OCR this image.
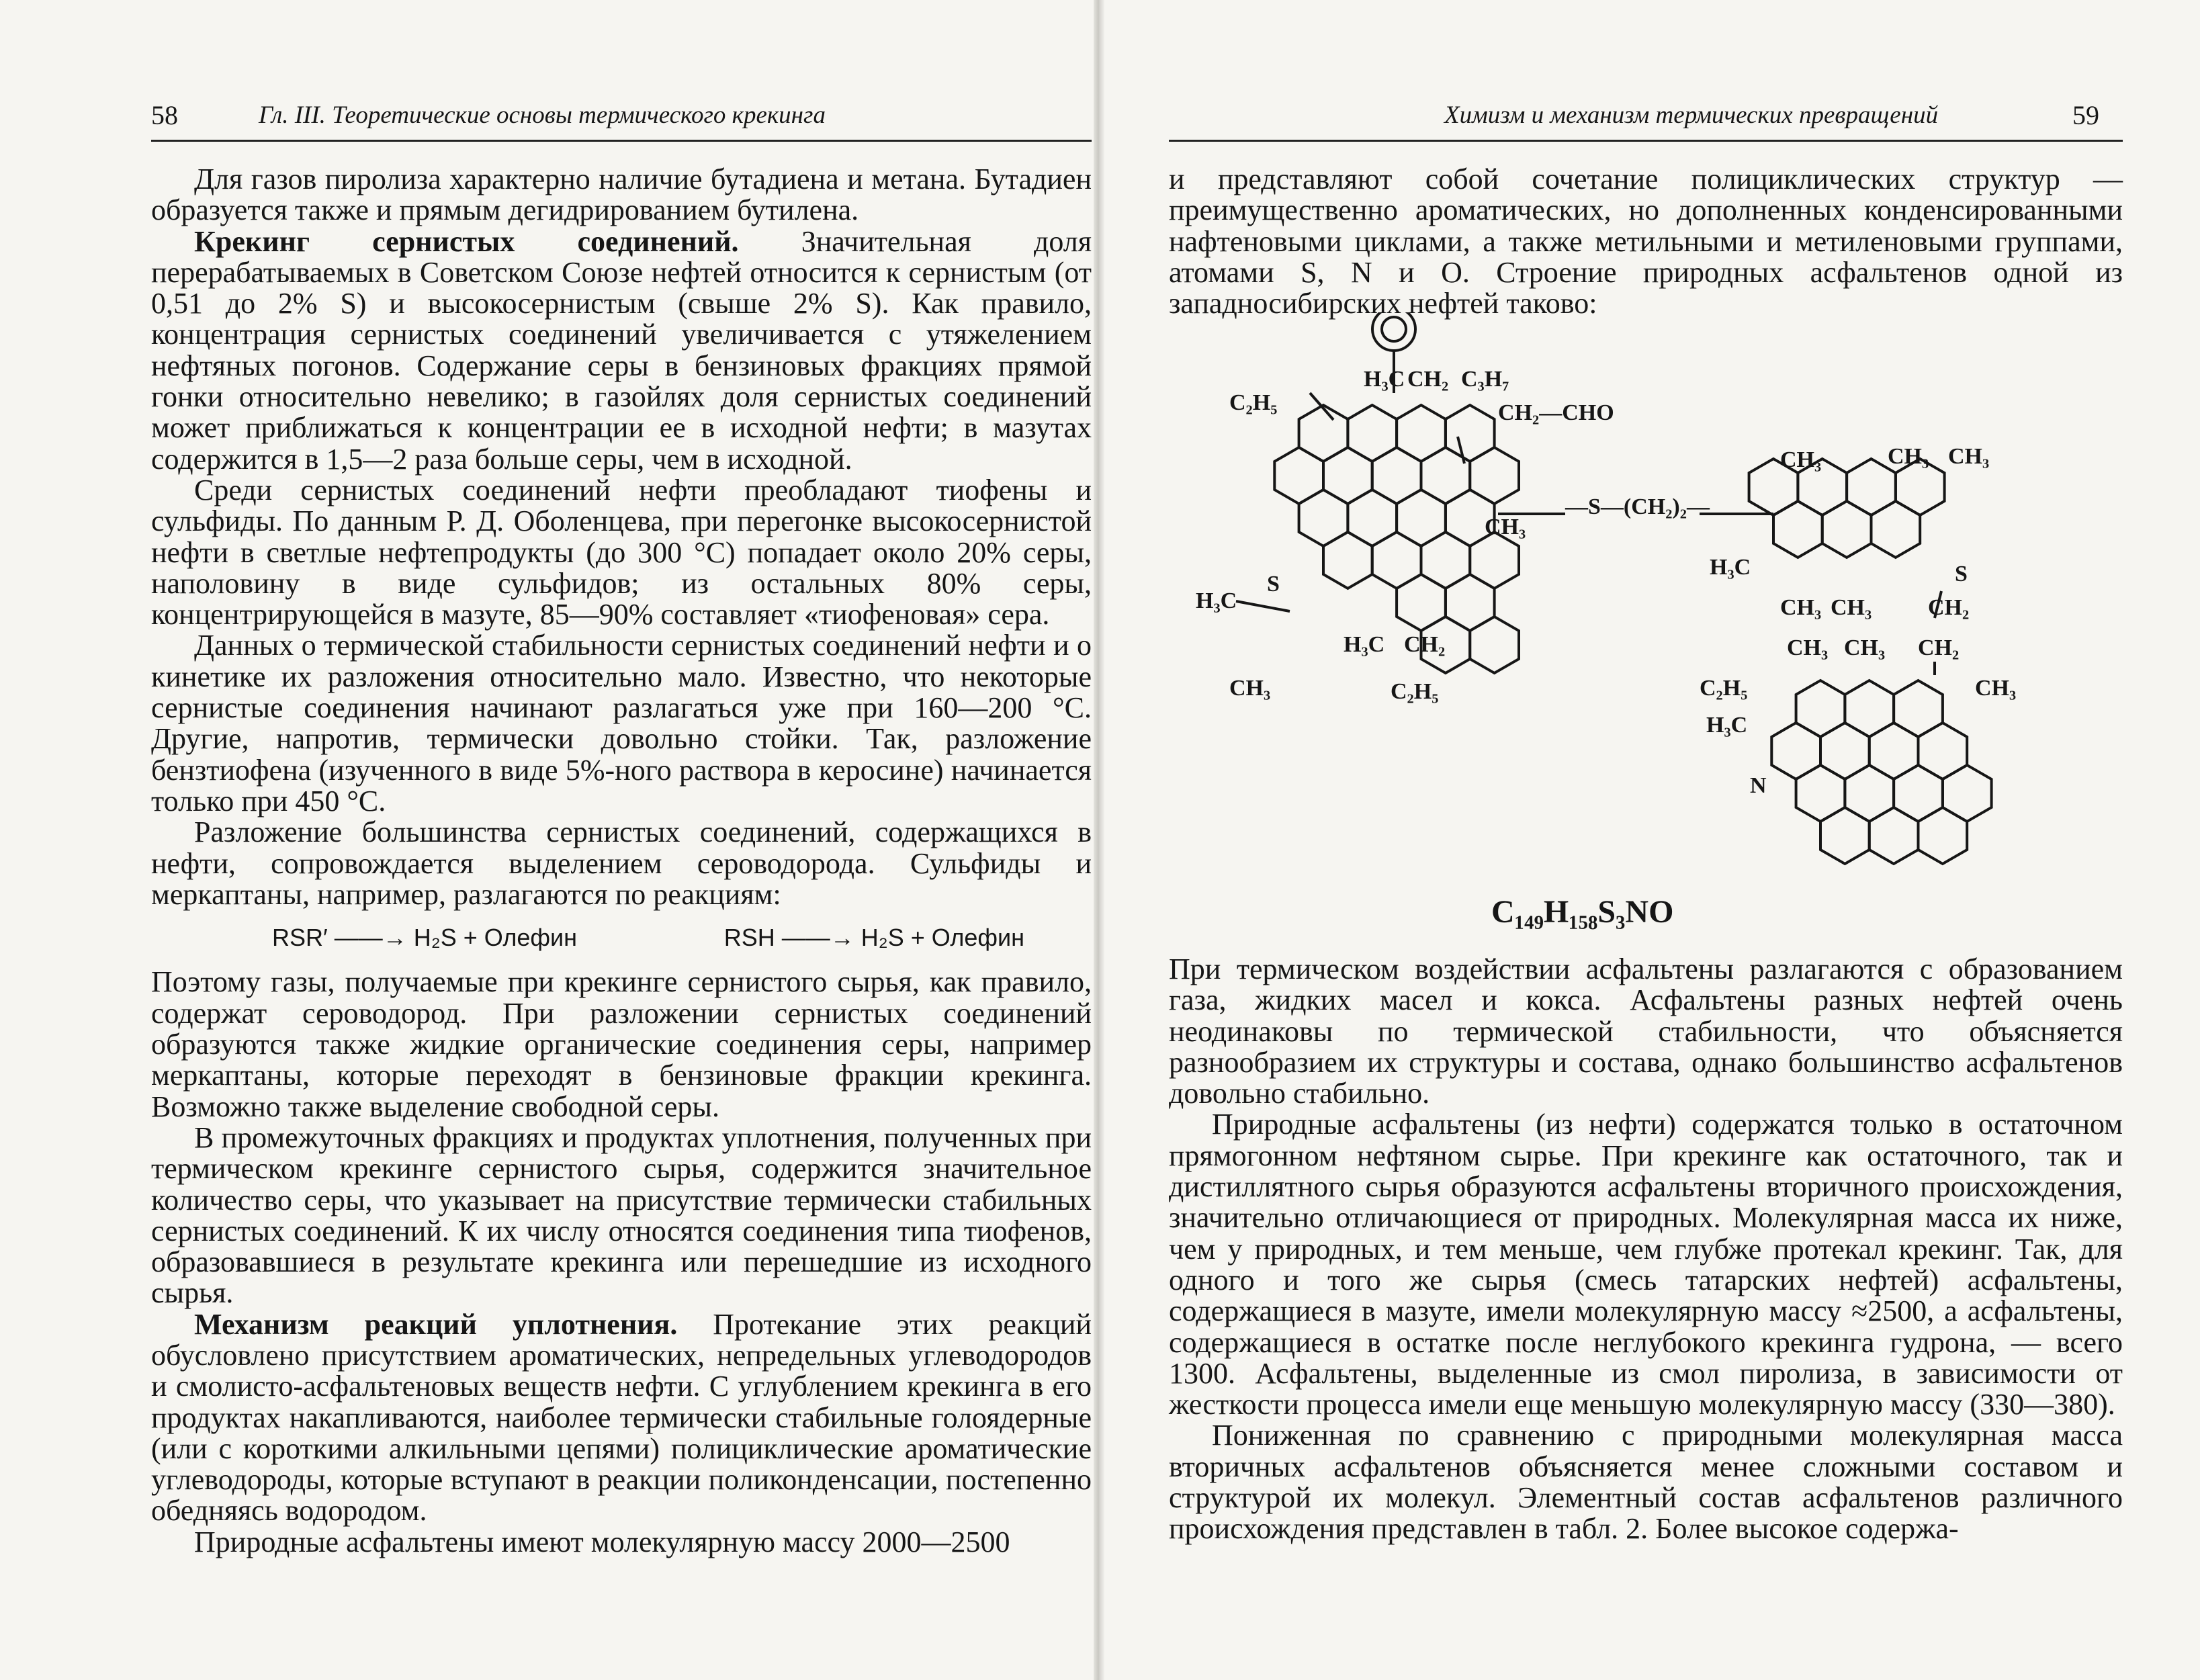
58	Гл. III. Теоретические основы термического крекинга

Для газов пиролиза характерно наличие бутадиена и метана. Бутадиен образуется также и прямым дегидрированием бутилена.

Крекинг сернистых соединений. Значительная доля перерабатываемых в Советском Союзе нефтей относится к сернистым (от 0,51 до 2% S) и высокосернистым (свыше 2% S). Как правило, концентрация сернистых соединений увеличивается с утяжелением нефтяных погонов. Содержание серы в бензиновых фракциях прямой гонки относительно невелико; в газойлях доля сернистых соединений может приближаться к концентрации ее в исходной нефти; в мазутах содержится в 1,5—2 раза больше серы, чем в исходной.

Среди сернистых соединений нефти преобладают тиофены и сульфиды. По данным Р. Д. Оболенцева, при перегонке высокосернистой нефти в светлые нефтепродукты (до 300 °С) попадает около 20% серы, наполовину в виде сульфидов; из остальных 80% серы, концентрирующейся в мазуте, 85—90% составляет «тиофеновая» сера.

Данных о термической стабильности сернистых соединений нефти и о кинетике их разложения относительно мало. Известно, что некоторые сернистые соединения начинают разлагаться уже при 160—200 °С. Другие, напротив, термически довольно стойки. Так, разложение бензтиофена (изученного в виде 5%-ного раствора в керосине) начинается только при 450 °С.

Разложение большинства сернистых соединений, содержащихся в нефти, сопровождается выделением сероводорода. Сульфиды и меркаптаны, например, разлагаются по реакциям:

RSR′ ——→ H₂S + Олефин	RSH ——→ H₂S + Олефин

Поэтому газы, получаемые при крекинге сернистого сырья, как правило, содержат сероводород. При разложении сернистых соединений образуются также жидкие органические соединения серы, например меркаптаны, которые переходят в бензиновые фракции крекинга. Возможно также выделение свободной серы.

В промежуточных фракциях и продуктах уплотнения, полученных при термическом крекинге сернистого сырья, содержится значительное количество серы, что указывает на присутствие термически стабильных сернистых соединений. К их числу относятся соединения типа тиофенов, образовавшиеся в результате крекинга или перешедшие из исходного сырья.

Механизм реакций уплотнения. Протекание этих реакций обусловлено присутствием ароматических, непредельных углеводородов и смолисто-асфальтеновых веществ нефти. С углублением крекинга в его продуктах накапливаются, наиболее термически стабильные голоядерные (или с короткими алкильными цепями) полициклические ароматические углеводороды, которые вступают в реакции поликонденсации, постепенно обедняясь водородом.

Природные асфальтены имеют молекулярную массу 2000—2500

Химизм и механизм термических превращений	59

и представляют собой сочетание полициклических структур — преимущественно ароматических, но дополненных конденсированными нафтеновыми циклами, а также метильными и метиленовыми группами, атомами S, N и O. Строение природных асфальтенов одной из западносибирских нефтей таково:

H₃C
C₂H₅
CH₂ C₃H₇
CH₂—CHO
—S—(CH₂)₂—
CH₃
H₃C
CH₃
H₃C CH₂
C₂H₅
S
CH₃	CH₃ CH₃
H₃C
CH₃ CH₃
S
CH₂
CH₂
CH₃ CH₃
CH₃
C₂H₅
H₃C
N
C₁₄₉H₁₅₈S₃NO

При термическом воздействии асфальтены разлагаются с образованием газа, жидких масел и кокса. Асфальтены разных нефтей очень неодинаковы по термической стабильности, что объясняется разнообразием их структуры и состава, однако большинство асфальтенов довольно стабильно.

Природные асфальтены (из нефти) содержатся только в остаточном прямогонном нефтяном сырье. При крекинге как остаточного, так и дистиллятного сырья образуются асфальтены вторичного происхождения, значительно отличающиеся от природных. Молекулярная масса их ниже, чем у природных, и тем меньше, чем глубже протекал крекинг. Так, для одного и того же сырья (смесь татарских нефтей) асфальтены, содержащиеся в мазуте, имели молекулярную массу ≈2500, а асфальтены, содержащиеся в остатке после неглубокого крекинга гудрона, — всего 1300. Асфальтены, выделенные из смол пиролиза, в зависимости от жесткости процесса имели еще меньшую молекулярную массу (330—380).

Пониженная по сравнению с природными молекулярная масса вторичных асфальтенов объясняется менее сложными составом и структурой их молекул. Элементный состав асфальтенов различного происхождения представлен в табл. 2. Более высокое содержа-
